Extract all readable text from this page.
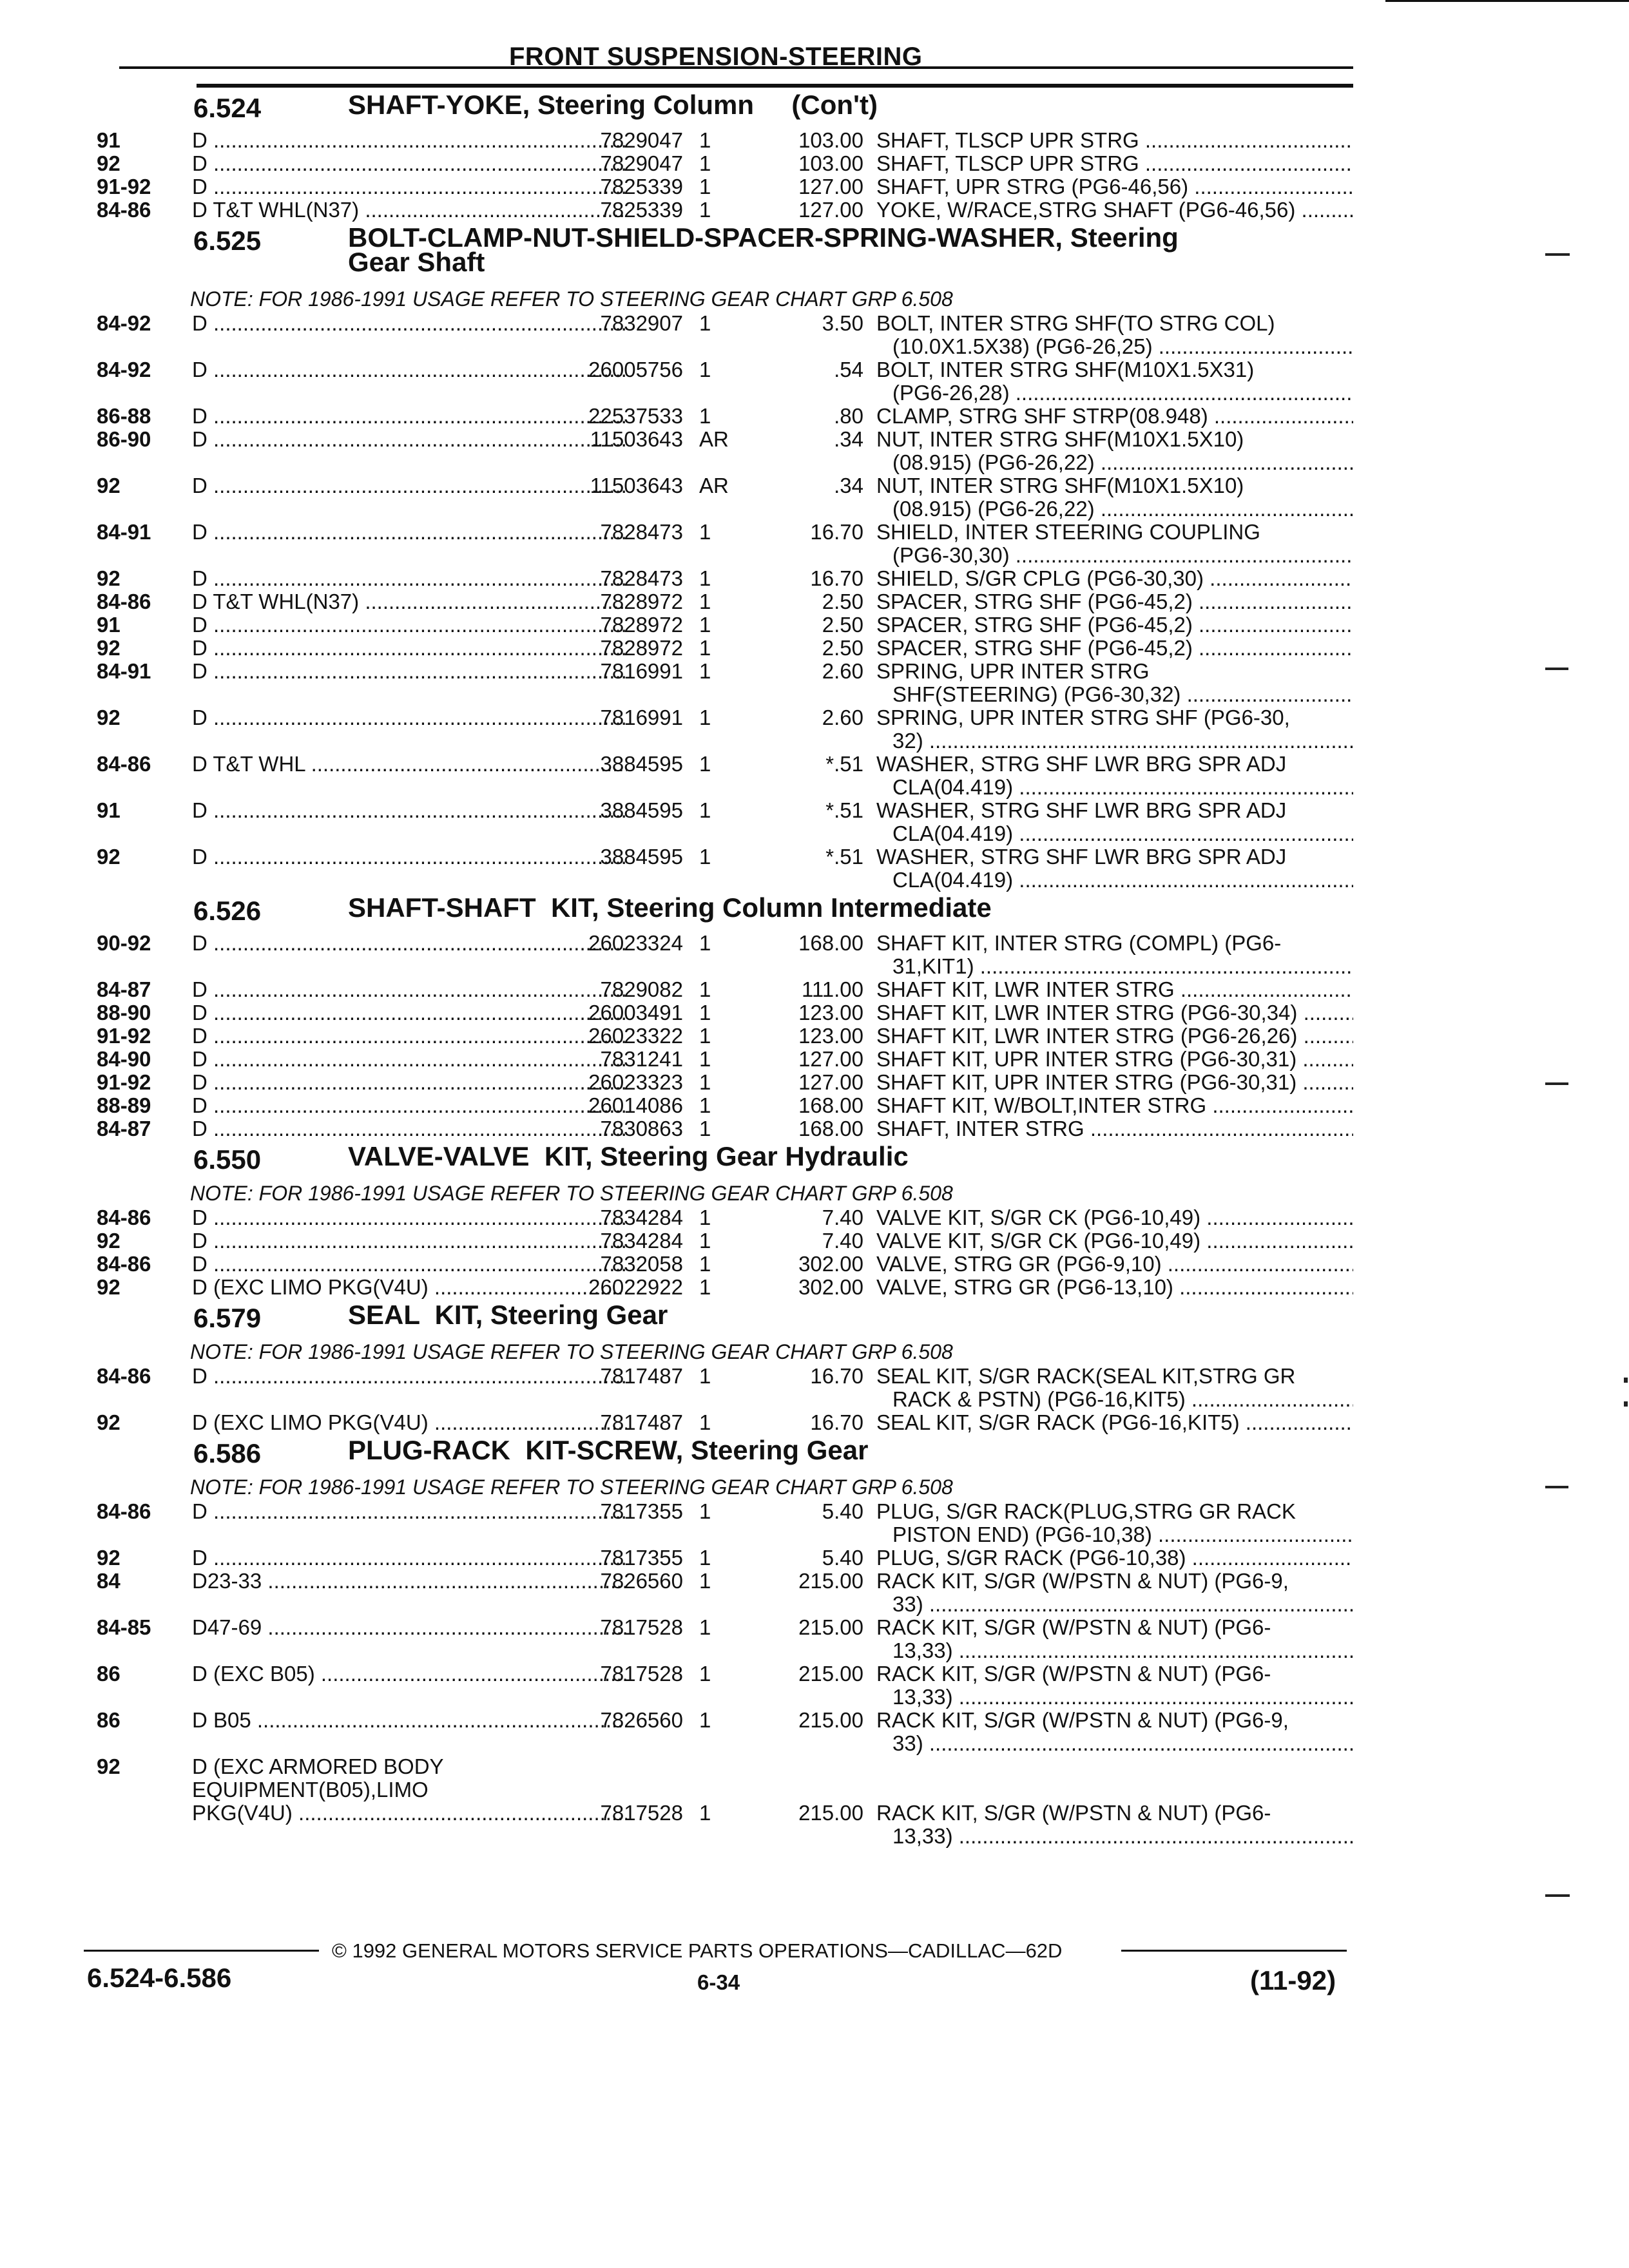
FRONT SUSPENSION-STEERING
6.524	SHAFT-YOKE, Steering Column     (Con't)
91	D .....	7829047 1	103.00 SHAFT, TLSCP UPR STRG .....
92	D .....	7829047 1	103.00 SHAFT, TLSCP UPR STRG .....
91-92 D .....	7825339 1	127.00 SHAFT, UPR STRG (PG6-46,56) .....
84-86 D T&T WHL(N37) .....	7825339 1	127.00 YOKE, W/RACE,STRG SHAFT (PG6-46,56) .....
6.525	BOLT-CLAMP-NUT-SHIELD-SPACER-SPRING-WASHER, Steering
Gear Shaft
NOTE: FOR 1986-1991 USAGE REFER TO STEERING GEAR CHART GRP 6.508
84-92 D .....	7832907 1	3.50 BOLT, INTER STRG SHF(TO STRG COL)
(10.0X1.5X38) (PG6-26,25) .....
84-92 D .....	26005756 1	.54 BOLT, INTER STRG SHF(M10X1.5X31)
(PG6-26,28) .....
86-88 D .....	22537533 1	.80 CLAMP, STRG SHF STRP(08.948) .....
86-90 D .....	11503643 AR	.34 NUT, INTER STRG SHF(M10X1.5X10)
(08.915) (PG6-26,22) .....
92	D .....	11503643 AR	.34 NUT, INTER STRG SHF(M10X1.5X10)
(08.915) (PG6-26,22) .....
84-91 D .....	7828473 1	16.70 SHIELD, INTER STEERING COUPLING
(PG6-30,30) .....
92	D .....	7828473 1	16.70 SHIELD, S/GR CPLG (PG6-30,30) .....
84-86 D T&T WHL(N37) .....	7828972 1	2.50 SPACER, STRG SHF (PG6-45,2) .....
91	D .....	7828972 1	2.50 SPACER, STRG SHF (PG6-45,2) .....
92	D .....	7828972 1	2.50 SPACER, STRG SHF (PG6-45,2) .....
84-91 D .....	7816991 1	2.60 SPRING, UPR INTER STRG
SHF(STEERING) (PG6-30,32) .....
92	D .....	7816991 1	2.60 SPRING, UPR INTER STRG SHF (PG6-30,
32) .....
84-86 D T&T WHL .....	3884595 1	*.51 WASHER, STRG SHF LWR BRG SPR ADJ
CLA(04.419) .....
91	D .....	3884595 1	*.51 WASHER, STRG SHF LWR BRG SPR ADJ
CLA(04.419) .....
92	D .....	3884595 1	*.51 WASHER, STRG SHF LWR BRG SPR ADJ
CLA(04.419) .....
6.526	SHAFT-SHAFT  KIT, Steering Column Intermediate
90-92 D .....	26023324 1	168.00 SHAFT KIT, INTER STRG (COMPL) (PG6-
31,KIT1) .....
84-87 D .....	7829082 1	111.00 SHAFT KIT, LWR INTER STRG .....
88-90 D .....	26003491 1	123.00 SHAFT KIT, LWR INTER STRG (PG6-30,34) .....
91-92 D .....	26023322 1	123.00 SHAFT KIT, LWR INTER STRG (PG6-26,26) .....
84-90 D .....	7831241 1	127.00 SHAFT KIT, UPR INTER STRG (PG6-30,31) .....
91-92 D .....	26023323 1	127.00 SHAFT KIT, UPR INTER STRG (PG6-30,31) .....
88-89 D .....	26014086 1	168.00 SHAFT KIT, W/BOLT,INTER STRG .....
84-87 D .....	7830863 1	168.00 SHAFT, INTER STRG .....
6.550	VALVE-VALVE  KIT, Steering Gear Hydraulic
NOTE: FOR 1986-1991 USAGE REFER TO STEERING GEAR CHART GRP 6.508
84-86 D .....	7834284 1	7.40 VALVE KIT, S/GR CK (PG6-10,49) .....
92	D .....	7834284 1	7.40 VALVE KIT, S/GR CK (PG6-10,49) .....
84-86 D .....	7832058 1	302.00 VALVE, STRG GR (PG6-9,10) .....
92	D (EXC LIMO PKG(V4U) .....	26022922 1	302.00 VALVE, STRG GR (PG6-13,10) .....
6.579	SEAL  KIT, Steering Gear
NOTE: FOR 1986-1991 USAGE REFER TO STEERING GEAR CHART GRP 6.508
84-86 D .....	7817487 1	16.70 SEAL KIT, S/GR RACK(SEAL KIT,STRG GR
RACK & PSTN) (PG6-16,KIT5) .....
92	D (EXC LIMO PKG(V4U) .....	7817487 1	16.70 SEAL KIT, S/GR RACK (PG6-16,KIT5) .....
6.586	PLUG-RACK  KIT-SCREW, Steering Gear
NOTE: FOR 1986-1991 USAGE REFER TO STEERING GEAR CHART GRP 6.508
84-86 D .....	7817355 1	5.40 PLUG, S/GR RACK(PLUG,STRG GR RACK
PISTON END) (PG6-10,38) .....
92	D .....	7817355 1	5.40 PLUG, S/GR RACK (PG6-10,38) .....
84	D23-33 .....	7826560 1	215.00 RACK KIT, S/GR (W/PSTN & NUT) (PG6-9,
33) .....
84-85 D47-69 .....	7817528 1	215.00 RACK KIT, S/GR (W/PSTN & NUT) (PG6-
13,33) .....
86	D (EXC B05) .....	7817528 1	215.00 RACK KIT, S/GR (W/PSTN & NUT) (PG6-
13,33) .....
86	D B05 .....	7826560 1	215.00 RACK KIT, S/GR (W/PSTN & NUT) (PG6-9,
33) .....
92	D (EXC ARMORED BODY
EQUIPMENT(B05),LIMO
PKG(V4U) .....	7817528 1	215.00 RACK KIT, S/GR (W/PSTN & NUT) (PG6-
13,33) .....
© 1992 GENERAL MOTORS SERVICE PARTS OPERATIONS—CADILLAC—62D
6.524-6.586	6-34	(11-92)
